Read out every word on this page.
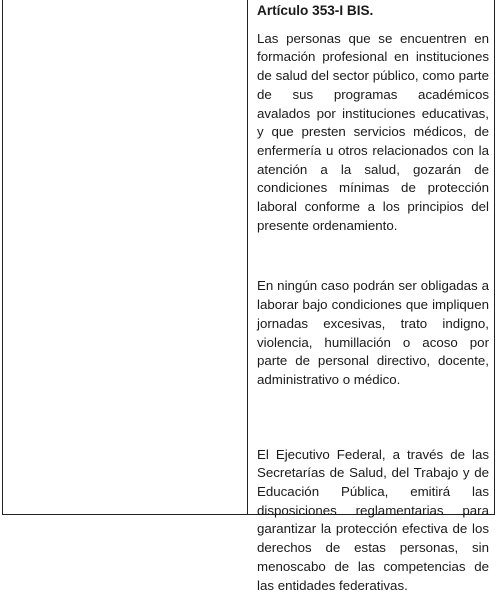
Artículo 353-I BIS.

Las personas que se encuentren en formación profesional en instituciones de salud del sector público, como parte de sus programas académicos avalados por instituciones educativas, y que presten servicios médicos, de enfermería u otros relacionados con la atención a la salud, gozarán de condiciones mínimas de protección laboral conforme a los principios del presente ordenamiento.

En ningún caso podrán ser obligadas a laborar bajo condiciones que impliquen jornadas excesivas, trato indigno, violencia, humillación o acoso por parte de personal directivo, docente, administrativo o médico.

El Ejecutivo Federal, a través de las Secretarías de Salud, del Trabajo y de Educación Pública, emitirá las disposiciones reglamentarias para garantizar la protección efectiva de los derechos de estas personas, sin menoscabo de las competencias de las entidades federativas.
